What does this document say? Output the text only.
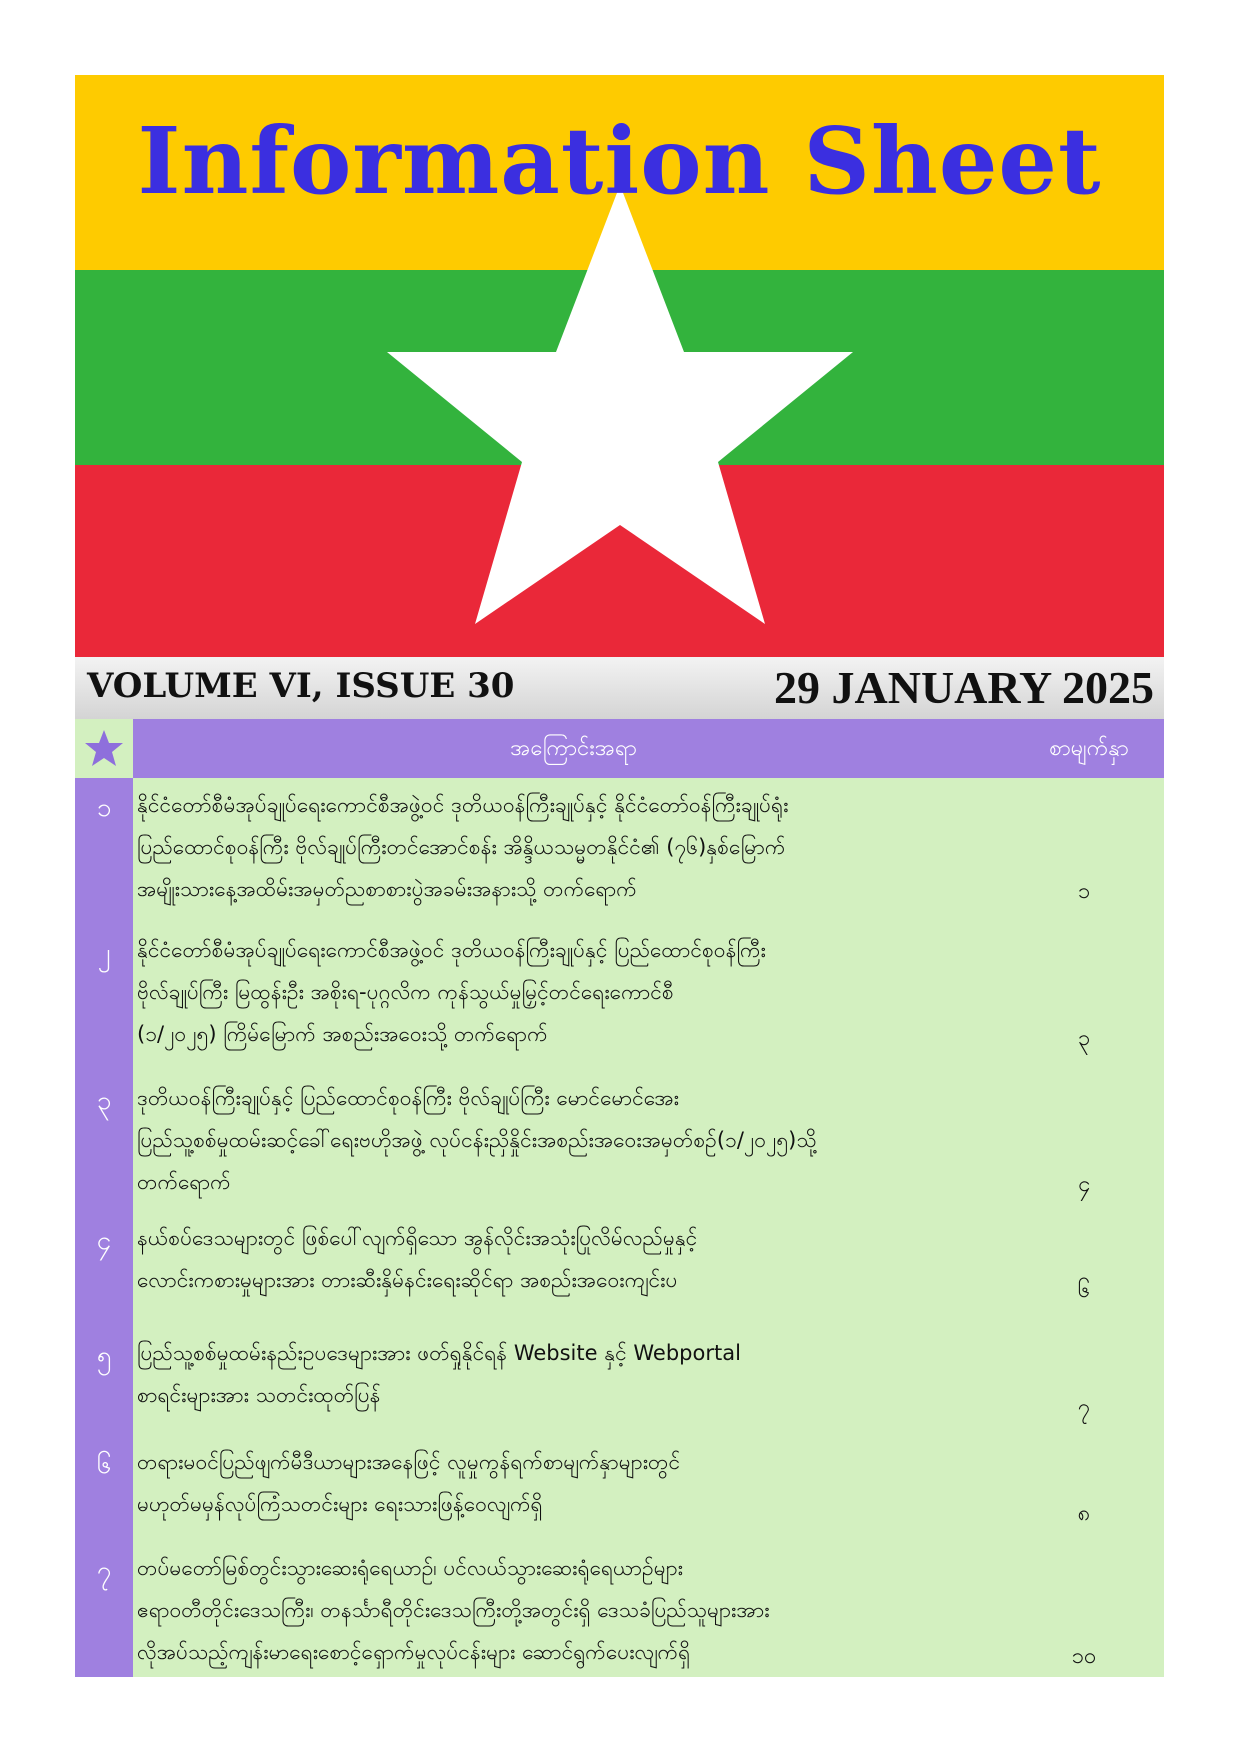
Information Sheet
VOLUME VI, ISSUE 30	29 JANUARY 2025
အကြောင်းအရာ	စာမျက်နှာ
၁	နိုင်ငံတော်စီမံအုပ်ချုပ်ရေးကောင်စီအဖွဲ့ဝင် ဒုတိယဝန်ကြီးချုပ်နှင့် နိုင်ငံတော်ဝန်ကြီးချုပ်ရုံး
ပြည်ထောင်စုဝန်ကြီး ဗိုလ်ချုပ်ကြီးတင်အောင်စန်း အိန္ဒိယသမ္မတနိုင်ငံ၏ (၇၆)နှစ်မြောက်
အမျိုးသားနေ့အထိမ်းအမှတ်ညစာစားပွဲအခမ်းအနားသို့ တက်ရောက်	၁
၂	နိုင်ငံတော်စီမံအုပ်ချုပ်ရေးကောင်စီအဖွဲ့ဝင် ဒုတိယဝန်ကြီးချုပ်နှင့် ပြည်ထောင်စုဝန်ကြီး
ဗိုလ်ချုပ်ကြီး မြထွန်းဦး အစိုးရ-ပုဂ္ဂလိက ကုန်သွယ်မှုမြှင့်တင်ရေးကောင်စီ
(၁/၂၀၂၅) ကြိမ်မြောက် အစည်းအဝေးသို့ တက်ရောက်	၃
၃	ဒုတိယဝန်ကြီးချုပ်နှင့် ပြည်ထောင်စုဝန်ကြီး ဗိုလ်ချုပ်ကြီး မောင်မောင်အေး
ပြည်သူ့စစ်မှုထမ်းဆင့်ခေါ်ရေးဗဟိုအဖွဲ့ လုပ်ငန်းညှိနှိုင်းအစည်းအဝေးအမှတ်စဉ်(၁/၂၀၂၅)သို့
တက်ရောက်	၄
၄	နယ်စပ်ဒေသများတွင် ဖြစ်ပေါ်လျက်ရှိသော အွန်လိုင်းအသုံးပြုလိမ်လည်မှုနှင့်
လောင်းကစားမှုများအား တားဆီးနှိမ်နင်းရေးဆိုင်ရာ အစည်းအဝေးကျင်းပ	၆
၅	ပြည်သူ့စစ်မှုထမ်းနည်းဥပဒေများအား ဖတ်ရှုနိုင်ရန် Website နှင့် Webportal
စာရင်းများအား သတင်းထုတ်ပြန်	၇
၆	တရားမဝင်ပြည်ဖျက်မီဒီယာများအနေဖြင့် လူမှုကွန်ရက်စာမျက်နှာများတွင်
မဟုတ်မမှန်လုပ်ကြံသတင်းများ ရေးသားဖြန့်ဝေလျက်ရှိ	၈
၇	တပ်မတော်မြစ်တွင်းသွားဆေးရုံရေယာဉ်၊ ပင်လယ်သွားဆေးရုံရေယာဉ်များ
ဧရာဝတီတိုင်းဒေသကြီး၊ တနင်္သာရီတိုင်းဒေသကြီးတို့အတွင်းရှိ ဒေသခံပြည်သူများအား
လိုအပ်သည့်ကျန်းမာရေးစောင့်ရှောက်မှုလုပ်ငန်းများ ဆောင်ရွက်ပေးလျက်ရှိ	၁၀
